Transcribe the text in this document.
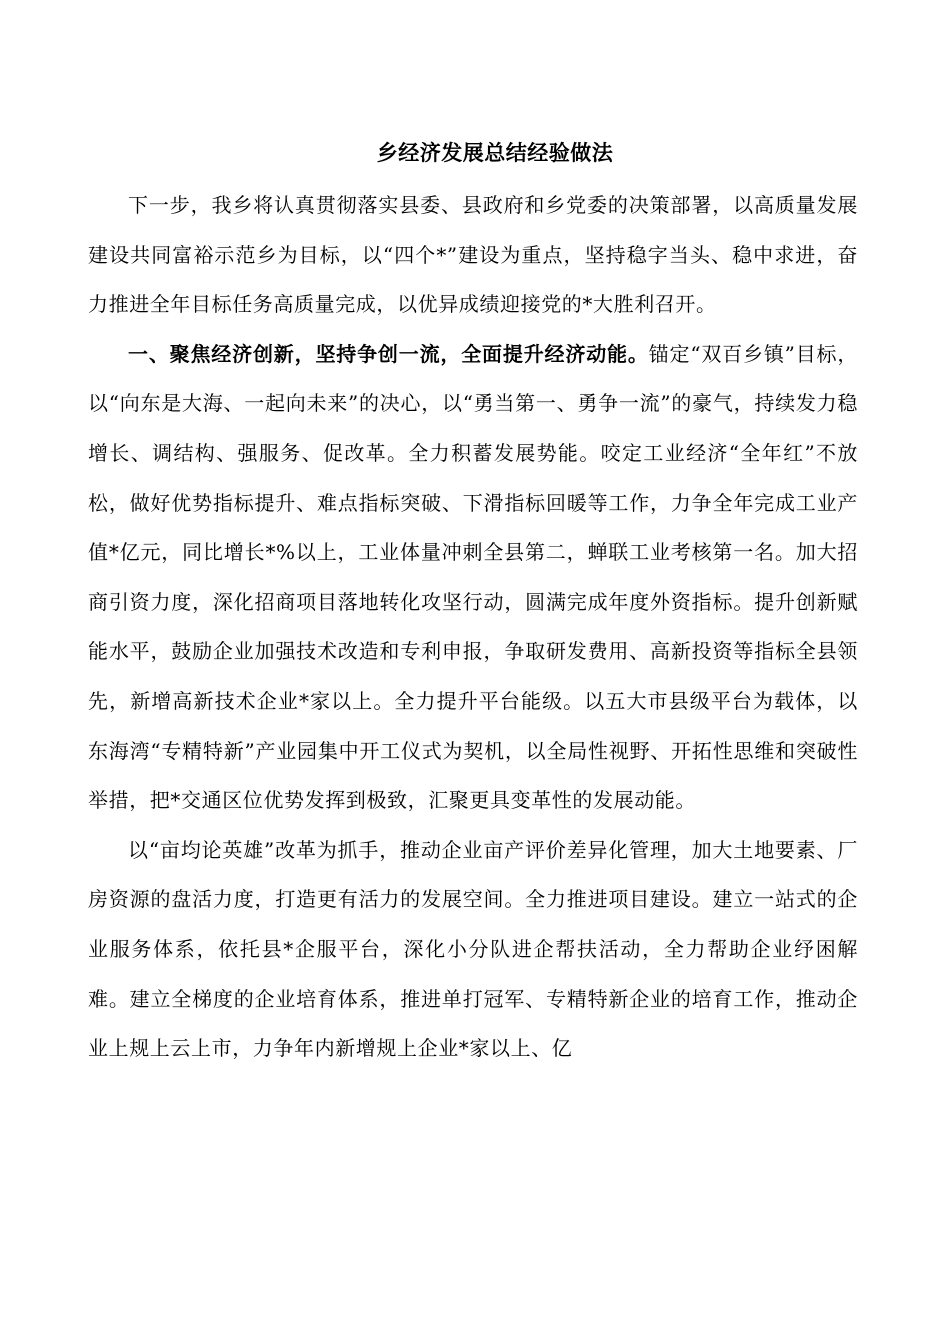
乡经济发展总结经验做法

下一步，我乡将认真贯彻落实县委、县政府和乡党委的决策部署，以高质量发展建设共同富裕示范乡为目标，以“四个*”建设为重点，坚持稳字当头、稳中求进，奋力推进全年目标任务高质量完成，以优异成绩迎接党的*大胜利召开。

一、聚焦经济创新，坚持争创一流，全面提升经济动能。锚定“双百乡镇”目标，以“向东是大海、一起向未来”的决心，以“勇当第一、勇争一流”的豪气，持续发力稳增长、调结构、强服务、促改革。全力积蓄发展势能。咬定工业经济“全年红”不放松，做好优势指标提升、难点指标突破、下滑指标回暖等工作，力争全年完成工业产值*亿元，同比增长*%以上，工业体量冲刺全县第二，蝉联工业考核第一名。加大招商引资力度，深化招商项目落地转化攻坚行动，圆满完成年度外资指标。提升创新赋能水平，鼓励企业加强技术改造和专利申报，争取研发费用、高新投资等指标全县领先，新增高新技术企业*家以上。全力提升平台能级。以五大市县级平台为载体，以东海湾“专精特新”产业园集中开工仪式为契机，以全局性视野、开拓性思维和突破性举措，把*交通区位优势发挥到极致，汇聚更具变革性的发展动能。

以“亩均论英雄”改革为抓手，推动企业亩产评价差异化管理，加大土地要素、厂房资源的盘活力度，打造更有活力的发展空间。全力推进项目建设。建立一站式的企业服务体系，依托县*企服平台，深化小分队进企帮扶活动，全力帮助企业纾困解难。建立全梯度的企业培育体系，推进单打冠军、专精特新企业的培育工作，推动企业上规上云上市，力争年内新增规上企业*家以上、亿
